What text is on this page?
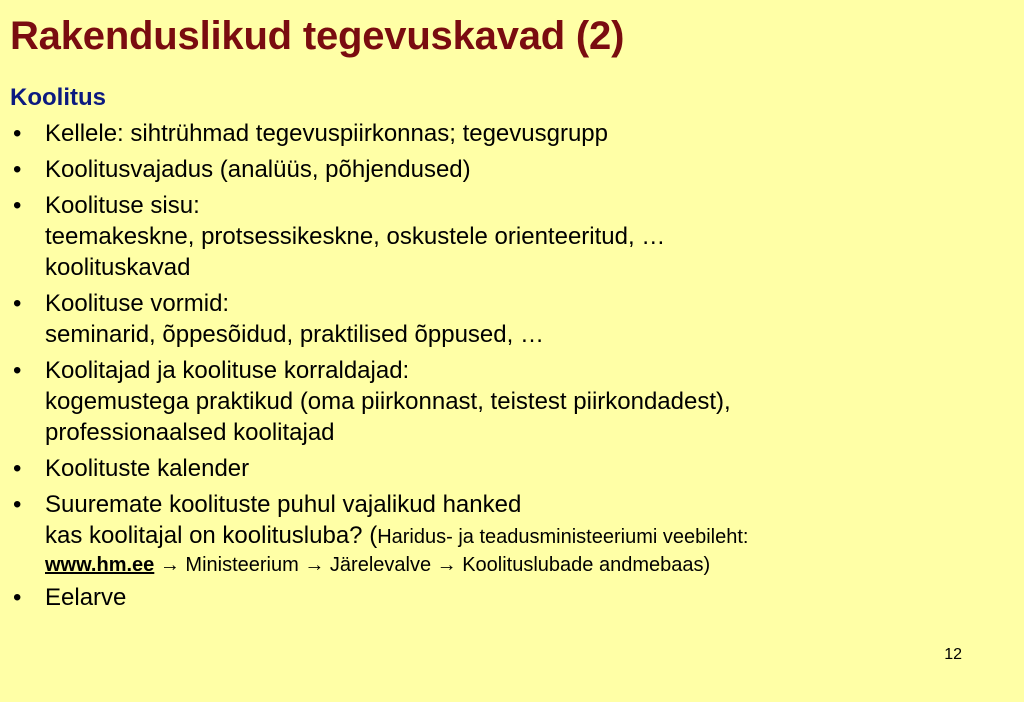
Rakenduslikud tegevuskavad (2)
Koolitus
• Kellele: sihtrühmad tegevuspiirkonnas; tegevusgrupp
• Koolitusvajadus (analüüs, põhjendused)
• Koolituse sisu:
teemakeskne, protsessikeskne, oskustele orienteeritud, …
koolituskavad
• Koolituse vormid:
seminarid, õppesõidud, praktilised õppused, …
• Koolitajad ja koolituse korraldajad:
kogemustega praktikud (oma piirkonnast, teistest piirkondadest),
professionaalsed koolitajad
• Koolituste kalender
• Suuremate koolituste puhul vajalikud hanked
kas koolitajal on koolitusluba? (Haridus- ja teadusministeeriumi veebileht:
www.hm.ee → Ministeerium → Järelevalve → Koolituslubade andmebaas)
• Eelarve
12
